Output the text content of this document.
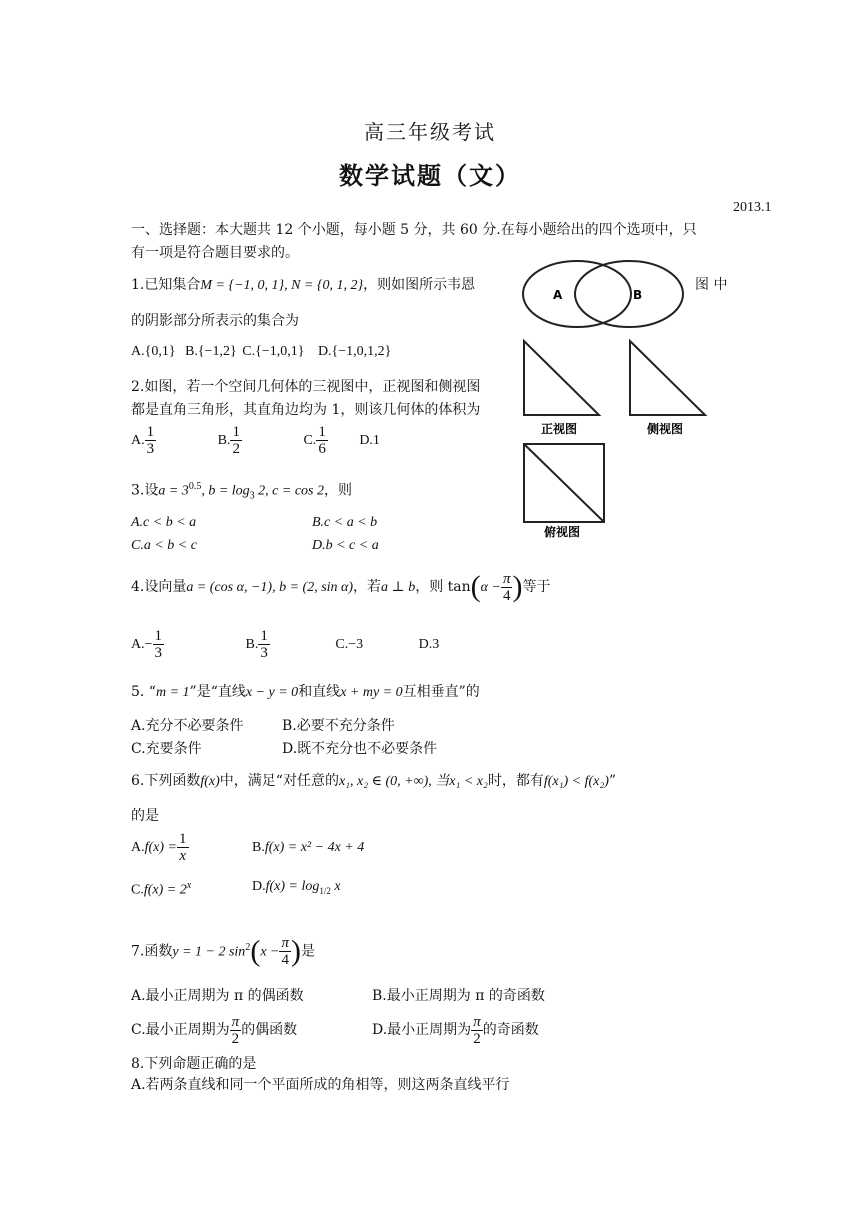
高三年级考试
数学试题（文）
2013.1
一、选择题：本大题共 12 个小题，每小题 5 分，共 60 分.在每小题给出的四个选项中，只
有一项是符合题目要求的。
1.已知集合M = {−1, 0, 1}, N = {0, 1, 2}，则如图所示韦恩	图 中
的阴影部分所表示的集合为
A.{0,1} B.{−1,2} C.{−1,0,1} D.{−1,0,1,2}
A	B
2.如图，若一个空间几何体的三视图中，正视图和侧视图
都是直角三角形，其直角边均为 1，则该几何体的体积为
A. $\frac{1}{3}$	B. $\frac{1}{2}$	C. $\frac{1}{6} D.1$
正视图	侧视图
俯视图
3.设$a = 3^{0.5}$, $b = \log_3 2$, c = cos 2，则
A.c < b < a	B.c < a < b
C.a < b < c	D.b < c < a
4.设向量a = (cos α, −1), b = (2, sin α)，若a ⊥ b，则 $\tan(\alpha - \frac{\pi}{4}$ )等于
$A.- \frac{1}{3}$	B. $\frac{1}{3}$	C.−3	D.3
5. “m = 1”是“直线x − y = 0和直线x + my = 0互相垂直”的
A.充分不必要条件	B.必要不充分条件
C.充要条件	D.既不充分也不必要条件
6.下列函数f(x)中，满足“对任意的x₁, x₂ ∈ (0, +∞), 当x₁ < x₂时，都有f(x₁) < f(x₂)”
的是
$A.f(x) = \frac{1}{x}$	B.f(x) = x² − 4x + 4
$C.f(x) = 2^x$	$D.f(x) = \log_{1/2} x$
7.函数y = 1 − 2 $\sin^2(x - \frac{\pi}{4}$ )是
A.最小正周期为 π 的偶函数	B.最小正周期为 π 的奇函数
C.最小正周期为 $\frac{\pi}{2}$ 的偶函数	D.最小正周期为 $\frac{\pi}{2}$ 的奇函数
8.下列命题正确的是
A.若两条直线和同一个平面所成的角相等，则这两条直线平行
